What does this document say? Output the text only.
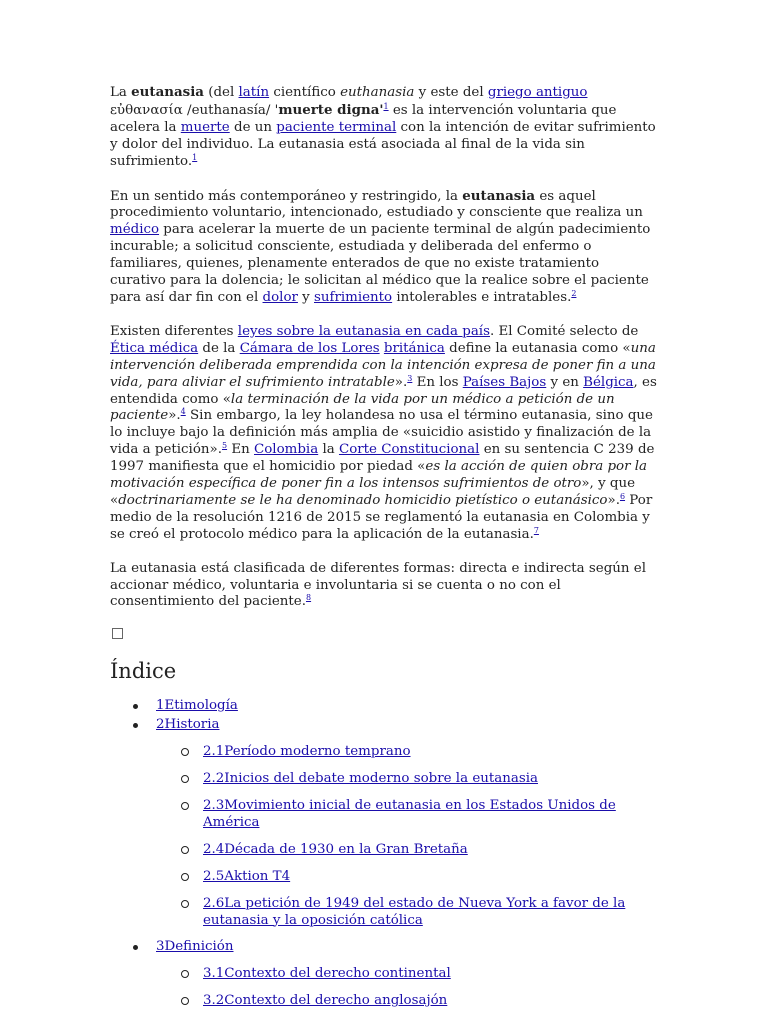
La eutanasia (del latín científico euthanasia y este del griego antiguo εὐθανασία /euthanasía/ 'muerte $digna'^1$ es la intervención voluntaria que acelera la muerte de un paciente terminal con la intención de evitar sufrimiento y dolor del individuo. La eutanasia está asociada al final de la vida sin sufrimiento.$^1$

En un sentido más contemporáneo y restringido, la eutanasia es aquel procedimiento voluntario, intencionado, estudiado y consciente que realiza un médico para acelerar la muerte de un paciente terminal de algún padecimiento incurable; a solicitud consciente, estudiada y deliberada del enfermo o familiares, quienes, plenamente enterados de que no existe tratamiento curativo para la dolencia; le solicitan al médico que la realice sobre el paciente para así dar fin con el dolor y sufrimiento intolerables e intratables.$^2$

Existen diferentes leyes sobre la eutanasia en cada país. El Comité selecto de Ética médica de la Cámara de los Lores británica define la eutanasia como «una intervención deliberada emprendida con la intención expresa de poner fin a una vida, para aliviar el sufrimiento intratable».$^3$ En los Países Bajos y en Bélgica, es entendida como «la terminación de la vida por un médico a petición de un paciente».$^4$ Sin embargo, la ley holandesa no usa el término eutanasia, sino que lo incluye bajo la definición más amplia de «suicidio asistido y finalización de la vida a petición».$^5$ En Colombia la Corte Constitucional en su sentencia C 239 de 1997 manifiesta que el homicidio por piedad «es la acción de quien obra por la motivación específica de poner fin a los intensos sufrimientos de otro», y que «doctrinariamente se le ha denominado homicidio pietístico o eutanásico».$^6$ Por medio de la resolución 1216 de 2015 se reglamentó la eutanasia en Colombia y se creó el protocolo médico para la aplicación de la eutanasia.$^7$

La eutanasia está clasificada de diferentes formas: directa e indirecta según el accionar médico, voluntaria e involuntaria si se cuenta o no con el consentimiento del paciente.$^8$

Índice
1Etimología
2Historia
2.1Período moderno temprano
2.2Inicios del debate moderno sobre la eutanasia
2.3Movimiento inicial de eutanasia en los Estados Unidos de América
2.4Década de 1930 en la Gran Bretaña
2.5Aktion T4
2.6La petición de 1949 del estado de Nueva York a favor de la eutanasia y la oposición católica
3Definición
3.1Contexto del derecho continental
3.2Contexto del derecho anglosajón
